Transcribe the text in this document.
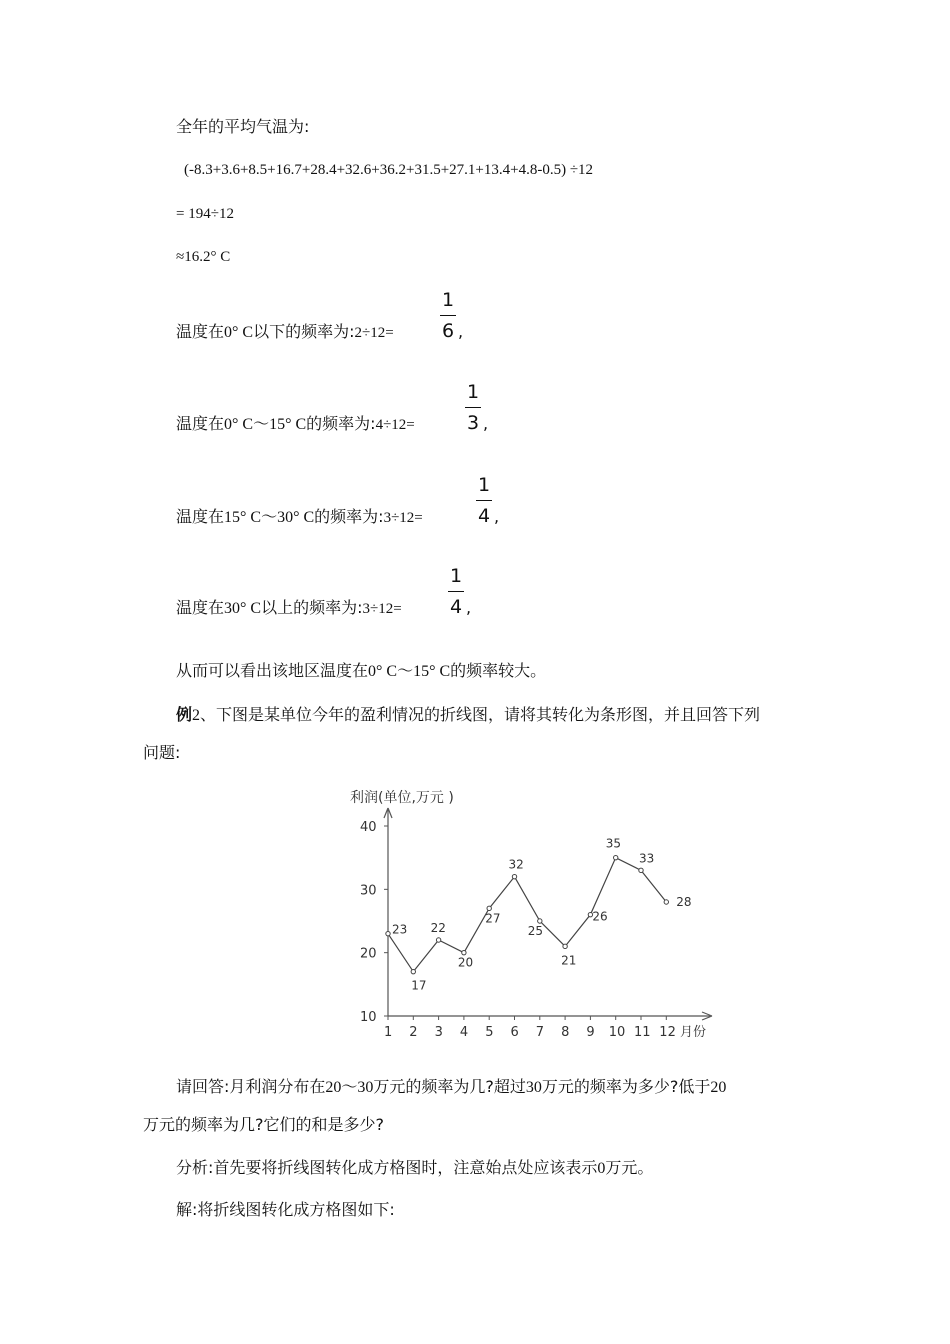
全年的平均气温为:
(-8.3+3.6+8.5+16.7+28.4+32.6+36.2+31.5+27.1+13.4+4.8-0.5) ÷12
= 194÷12
≈16.2° C
温度在0° C以下的频率为:2÷12=
1
6 ,
温度在0° C～15° C的频率为:4÷12=
1
3 ,
温度在15° C～30° C的频率为:3÷12=
1
4 ,
温度在30° C以上的频率为:3÷12=
1
4 ,
从而可以看出该地区温度在0° C～15° C的频率较大。
例2、下图是某单位今年的盈利情况的折线图，请将其转化为条形图，并且回答下列
问题:
利润(单位,万元 )
月份
10
20
30
40
1 2 3 4 5 6 7 8 9 10 11 12
23
17
22
20
27
32
25
21
26
35
33
28
请回答:月利润分布在20～30万元的频率为几?超过30万元的频率为多少?低于20
万元的频率为几?它们的和是多少?
分析:首先要将折线图转化成方格图时，注意始点处应该表示0万元。
解:将折线图转化成方格图如下:
